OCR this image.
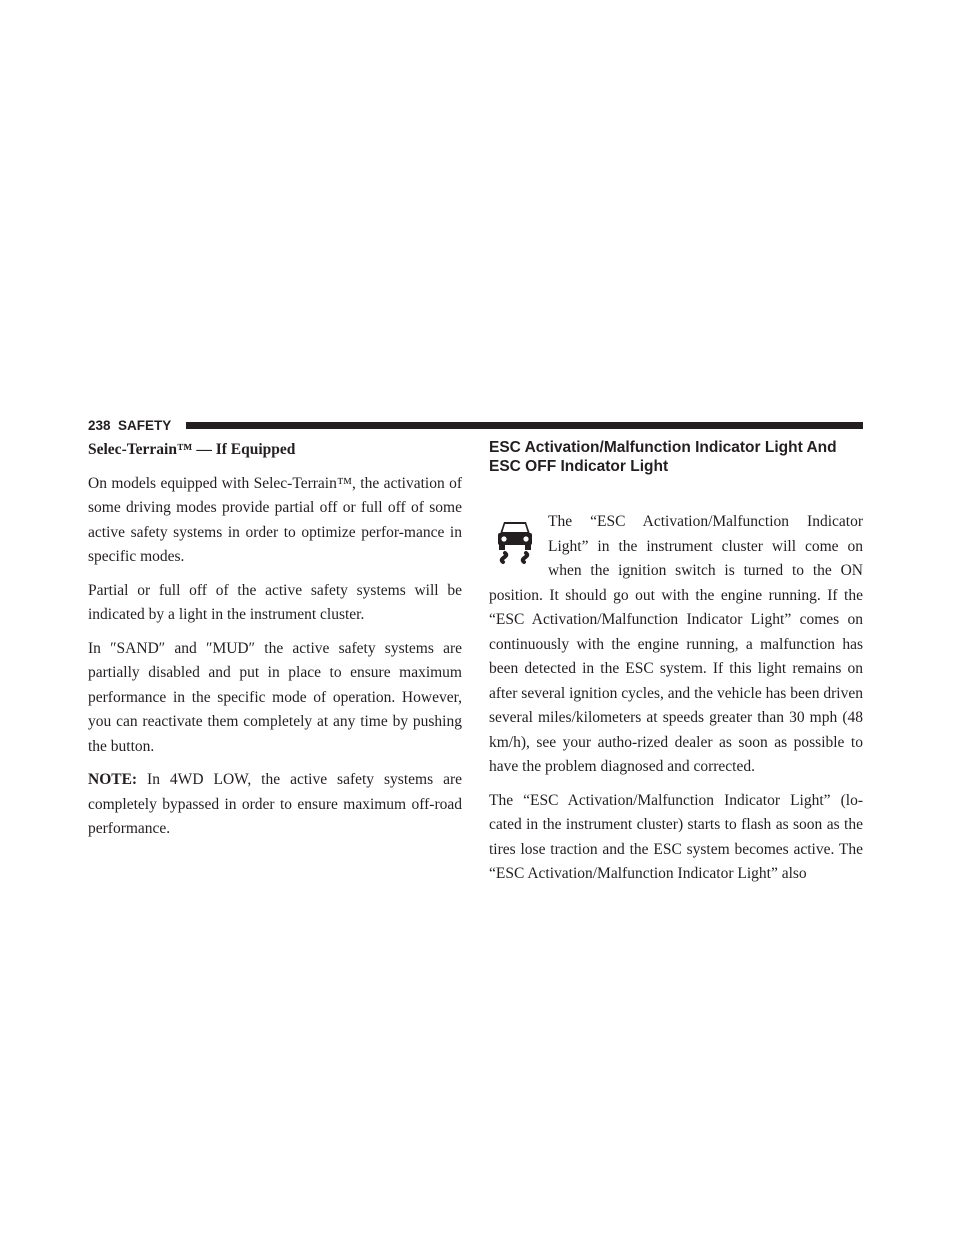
238 SAFETY

Selec-Terrain™ — If Equipped

On models equipped with Selec-Terrain™, the activation of some driving modes provide partial off or full off of some active safety systems in order to optimize perfor-mance in specific modes.

Partial or full off of the active safety systems will be indicated by a light in the instrument cluster.

In ″SAND″ and ″MUD″ the active safety systems are partially disabled and put in place to ensure maximum performance in the specific mode of operation. However, you can reactivate them completely at any time by pushing the button.

NOTE: In 4WD LOW, the active safety systems are completely bypassed in order to ensure maximum off-road performance.

ESC Activation/Malfunction Indicator Light And ESC OFF Indicator Light

The “ESC Activation/Malfunction Indicator Light” in the instrument cluster will come on when the ignition switch is turned to the ON position. It should go out with the engine running. If the “ESC Activation/Malfunction Indicator Light” comes on continuously with the engine running, a malfunction has been detected in the ESC system. If this light remains on after several ignition cycles, and the vehicle has been driven several miles/kilometers at speeds greater than 30 mph (48 km/h), see your autho-rized dealer as soon as possible to have the problem diagnosed and corrected.

The “ESC Activation/Malfunction Indicator Light” (lo-cated in the instrument cluster) starts to flash as soon as the tires lose traction and the ESC system becomes active. The “ESC Activation/Malfunction Indicator Light” also
